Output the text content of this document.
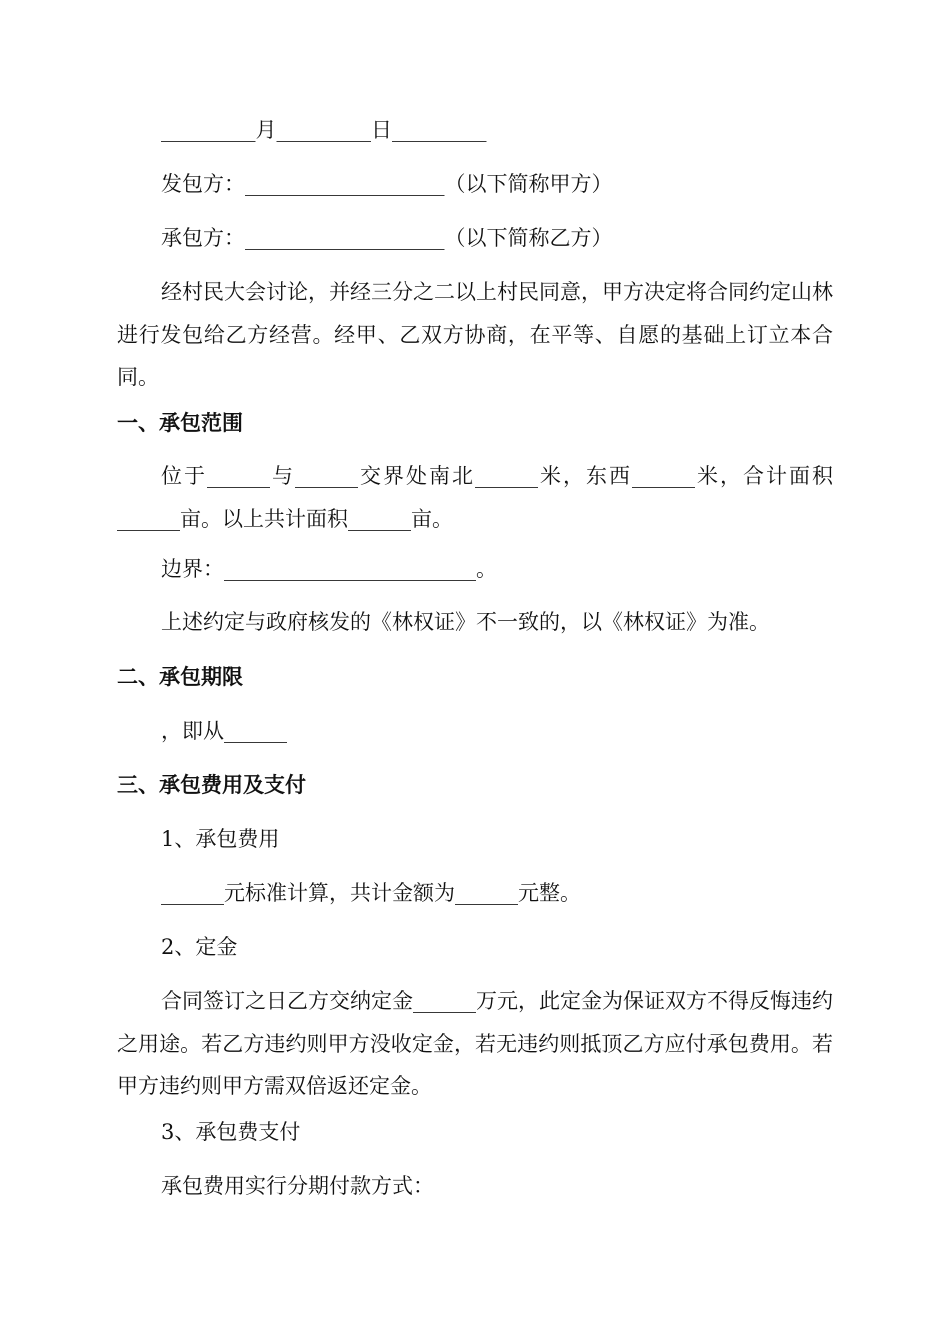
_________月_________日_________
发包方：___________________（以下简称甲方）
承包方：___________________（以下简称乙方）
经村民大会讨论，并经三分之二以上村民同意，甲方决定将合同约定山林进行发包给乙方经营。经甲、乙双方协商，在平等、自愿的基础上订立本合同。
一、承包范围
位于______与______交界处南北______米，东西______米，合计面积______亩。以上共计面积______亩。
边界：________________________。
上述约定与政府核发的《林权证》不一致的，以《林权证》为准。
二、承包期限
，即从______
三、承包费用及支付
1、承包费用
______元标准计算，共计金额为______元整。
2、定金
合同签订之日乙方交纳定金______万元，此定金为保证双方不得反悔违约之用途。若乙方违约则甲方没收定金，若无违约则抵顶乙方应付承包费用。若甲方违约则甲方需双倍返还定金。
3、承包费支付
承包费用实行分期付款方式：
